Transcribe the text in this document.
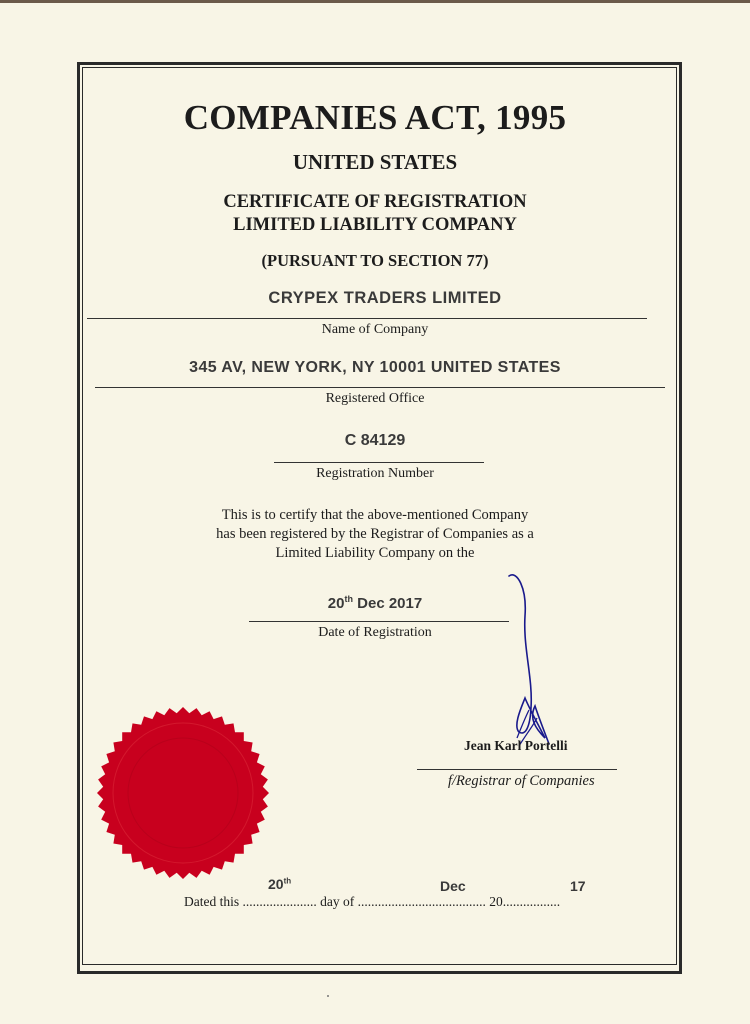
COMPANIES ACT, 1995
UNITED STATES
CERTIFICATE OF REGISTRATION
LIMITED LIABILITY COMPANY
(PURSUANT TO SECTION 77)
CRYPEX TRADERS LIMITED
Name of Company
345 AV, NEW YORK, NY 10001 UNITED STATES
Registered Office
C 84129
Registration Number
This is to certify that the above-mentioned Company
has been registered by the Registrar of Companies as a
Limited Liability Company on the
20th Dec 2017
Date of Registration
Jean Karl Portelli
f/Registrar of Companies
20th	Dec	17
Dated this ...................... day of ...................................... 20.................
